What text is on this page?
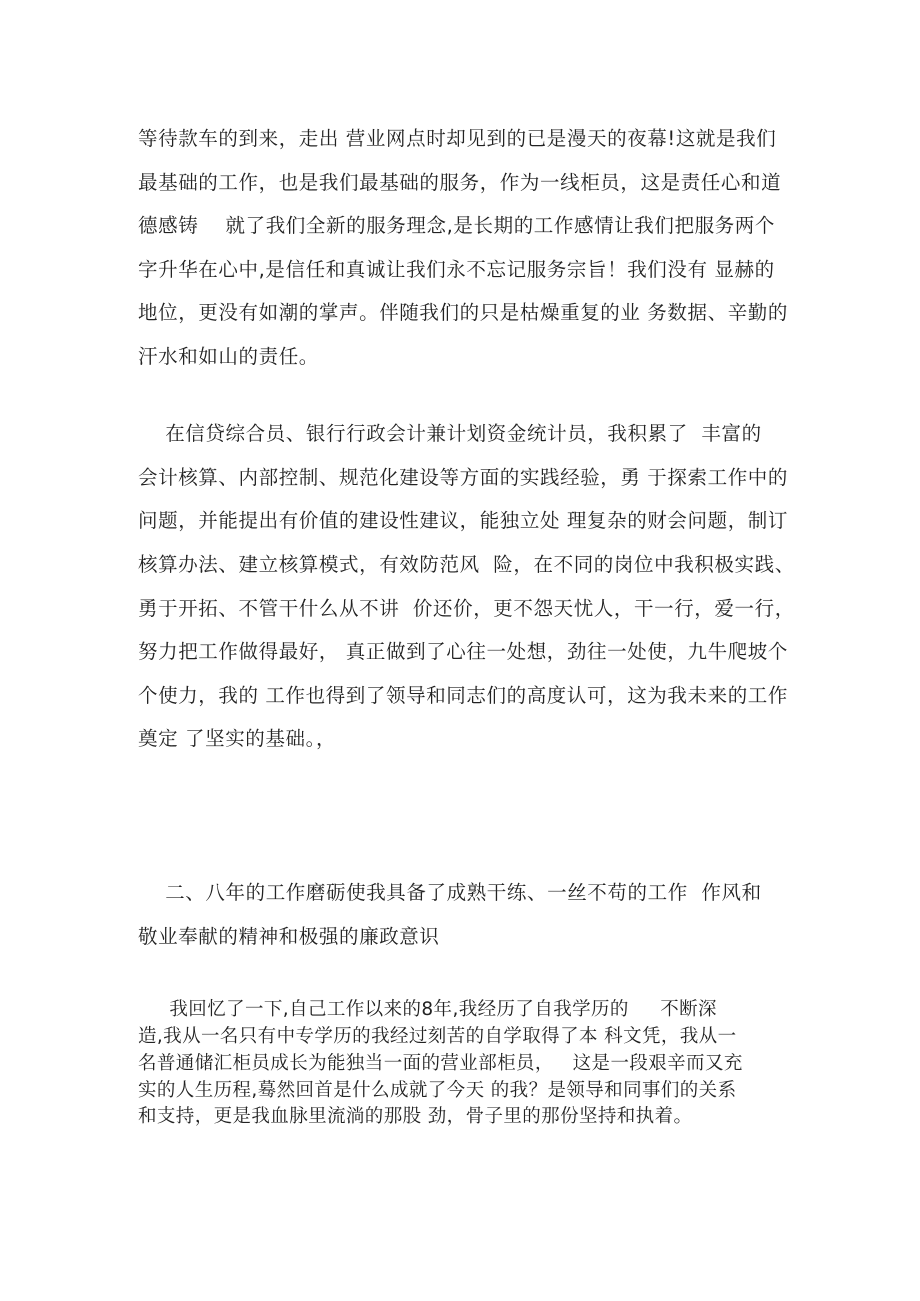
等待款车的到来，走出 营业网点时却见到的已是漫天的夜幕!这就是我们
最基础的工作，也是我们最基础的服务，作为一线柜员，这是责任心和道
德感铸    就了我们全新的服务理念,是长期的工作感情让我们把服务两个
字升华在心中,是信任和真诚让我们永不忘记服务宗旨！我们没有 显赫的
地位，更没有如潮的掌声。伴随我们的只是枯燥重复的业 务数据、辛勤的
汗水和如山的责任。
在信贷综合员、银行行政会计兼计划资金统计员，我积累了  丰富的
会计核算、内部控制、规范化建设等方面的实践经验，勇 于探索工作中的
问题，并能提出有价值的建设性建议，能独立处 理复杂的财会问题，制订
核算办法、建立核算模式，有效防范风  险，在不同的岗位中我积极实践、
勇于开拓、不管干什么从不讲  价还价，更不怨天忧人，干一行，爱一行，
努力把工作做得最好， 真正做到了心往一处想，劲往一处使，九牛爬坡个
个使力，我的 工作也得到了领导和同志们的高度认可，这为我未来的工作
奠定 了坚实的基础。，
二、八年的工作磨砺使我具备了成熟干练、一丝不苟的工作  作风和
敬业奉献的精神和极强的廉政意识
我回忆了一下,自己工作以来的8年,我经历了自我学历的     不断深
造,我从一名只有中专学历的我经过刻苦的自学取得了本 科文凭，我从一
名普通储汇柜员成长为能独当一面的营业部柜员，   这是一段艰辛而又充
实的人生历程,蓦然回首是什么成就了今天 的我？是领导和同事们的关系
和支持，更是我血脉里流淌的那股 劲，骨子里的那份坚持和执着。
